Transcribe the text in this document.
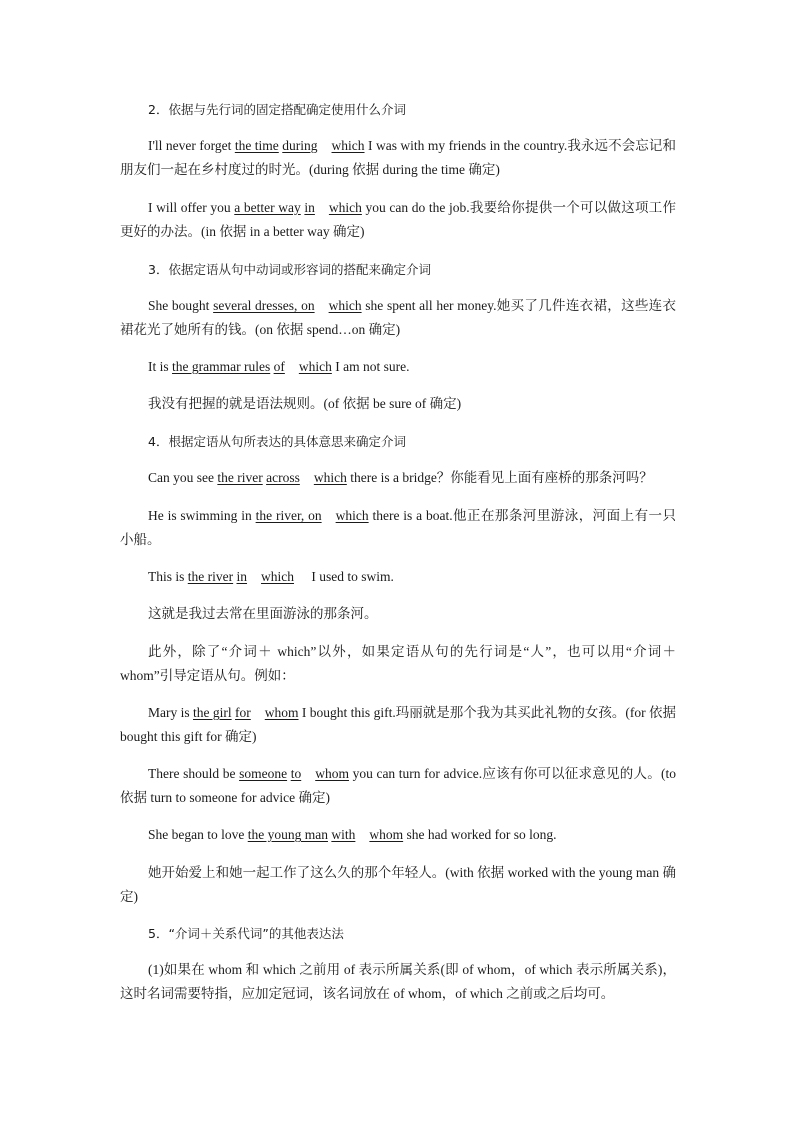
2．依据与先行词的固定搭配确定使用什么介词
I'll never forget the time during which I was with my friends in the country.我永远不会忘记和朋友们一起在乡村度过的时光。(during 依据 during the time 确定)
I will offer you a better way in which you can do the job.我要给你提供一个可以做这项工作更好的办法。(in 依据 in a better way 确定)
3．依据定语从句中动词或形容词的搭配来确定介词
She bought several dresses, on which she spent all her money.她买了几件连衣裙，这些连衣裙花光了她所有的钱。(on 依据 spend…on 确定)
It is the grammar rules of which I am not sure.
我没有把握的就是语法规则。(of 依据 be sure of 确定)
4．根据定语从句所表达的具体意思来确定介词
Can you see the river across which there is a bridge？你能看见上面有座桥的那条河吗？
He is swimming in the river, on which there is a boat.他正在那条河里游泳，河面上有一只小船。
This is the river in which I used to swim.
这就是我过去常在里面游泳的那条河。
此外，除了“介词＋ which”以外，如果定语从句的先行词是“人”，也可以用“介词＋whom”引导定语从句。例如：
Mary is the girl for whom I bought this gift.玛丽就是那个我为其买此礼物的女孩。(for 依据 bought this gift for 确定)
There should be someone to whom you can turn for advice.应该有你可以征求意见的人。(to 依据 turn to someone for advice 确定)
She began to love the young man with whom she had worked for so long.
她开始爱上和她一起工作了这么久的那个年轻人。(with 依据 worked with the young man 确定)
5．“介词＋关系代词”的其他表达法
(1)如果在 whom 和 which 之前用 of 表示所属关系(即 of whom，of which 表示所属关系)，这时名词需要特指，应加定冠词，该名词放在 of whom，of which 之前或之后均可。
